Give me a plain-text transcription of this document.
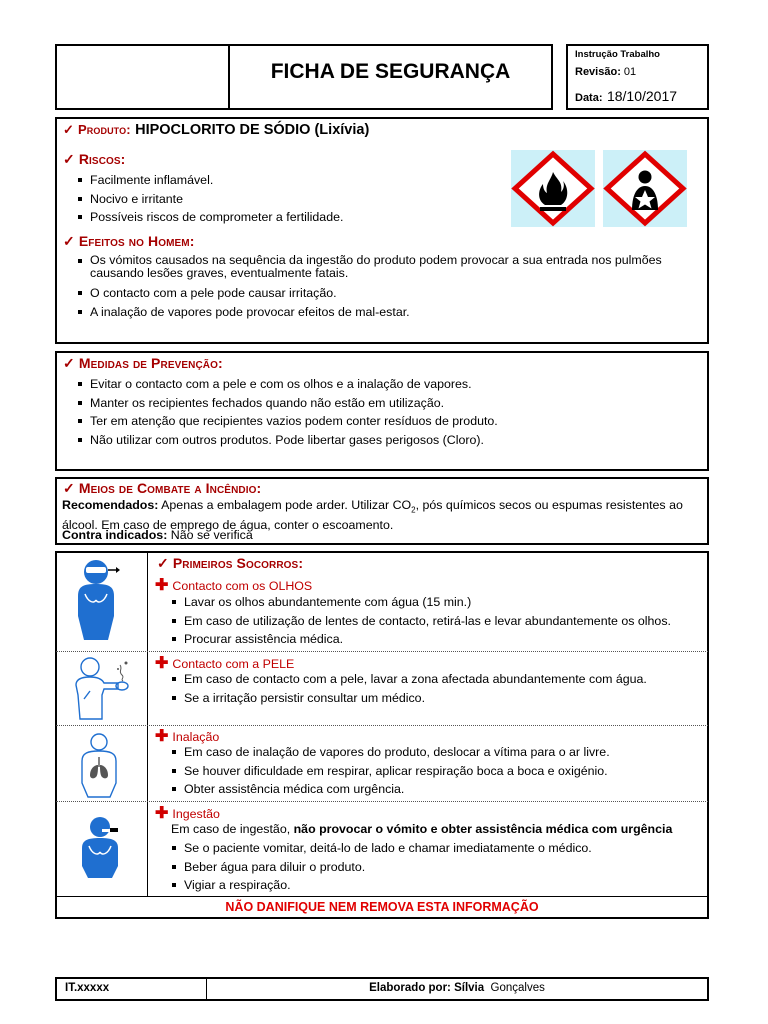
FICHA DE SEGURANÇA
Instrução Trabalho
Revisão: 01
Data: 18/10/2017
✓ Produto: HIPOCLORITO DE SÓDIO (Lixívia)
✓ Riscos:
Facilmente inflamável.
Nocivo e irritante
Possíveis riscos de comprometer a fertilidade.
✓ Efeitos no Homem:
Os vómitos causados na sequência da ingestão do produto podem provocar a sua entrada nos pulmões causando lesões graves, eventualmente fatais.
O contacto com a pele pode causar irritação.
A inalação de vapores pode provocar efeitos de mal-estar.
✓ Medidas de Prevenção:
Evitar o contacto com a pele e com os olhos e a inalação de vapores.
Manter os recipientes fechados quando não estão em utilização.
Ter em atenção que recipientes vazios podem conter resíduos de produto.
Não utilizar com outros produtos. Pode libertar gases perigosos (Cloro).
✓ Meios de Combate a Incêndio:
Recomendados: Apenas a embalagem pode arder. Utilizar $CO_2$, pós químicos secos ou espumas resistentes ao álcool. Em caso de emprego de água, conter o escoamento.
Contra indicados: Não se verifica
✓ Primeiros Socorros:
✚ Contacto com os OLHOS
Lavar os olhos abundantemente com água (15 min.)
Em caso de utilização de lentes de contacto, retirá-las e levar abundantemente os olhos.
Procurar assistência médica.
✚ Contacto com a PELE
Em caso de contacto com a pele, lavar a zona afectada abundantemente com água.
Se a irritação persistir consultar um médico.
✚ Inalação
Em caso de inalação de vapores do produto, deslocar a vítima para o ar livre.
Se houver dificuldade em respirar, aplicar respiração boca a boca e oxigénio.
Obter assistência médica com urgência.
✚ Ingestão
Em caso de ingestão, não provocar o vómito e obter assistência médica com urgência
Se o paciente vomitar, deitá-lo de lado e chamar imediatamente o médico.
Beber água para diluir o produto.
Vigiar a respiração.
NÃO DANIFIQUE NEM REMOVA ESTA INFORMAÇÃO
IT.xxxxx	Elaborado por: Sílvia Gonçalves
